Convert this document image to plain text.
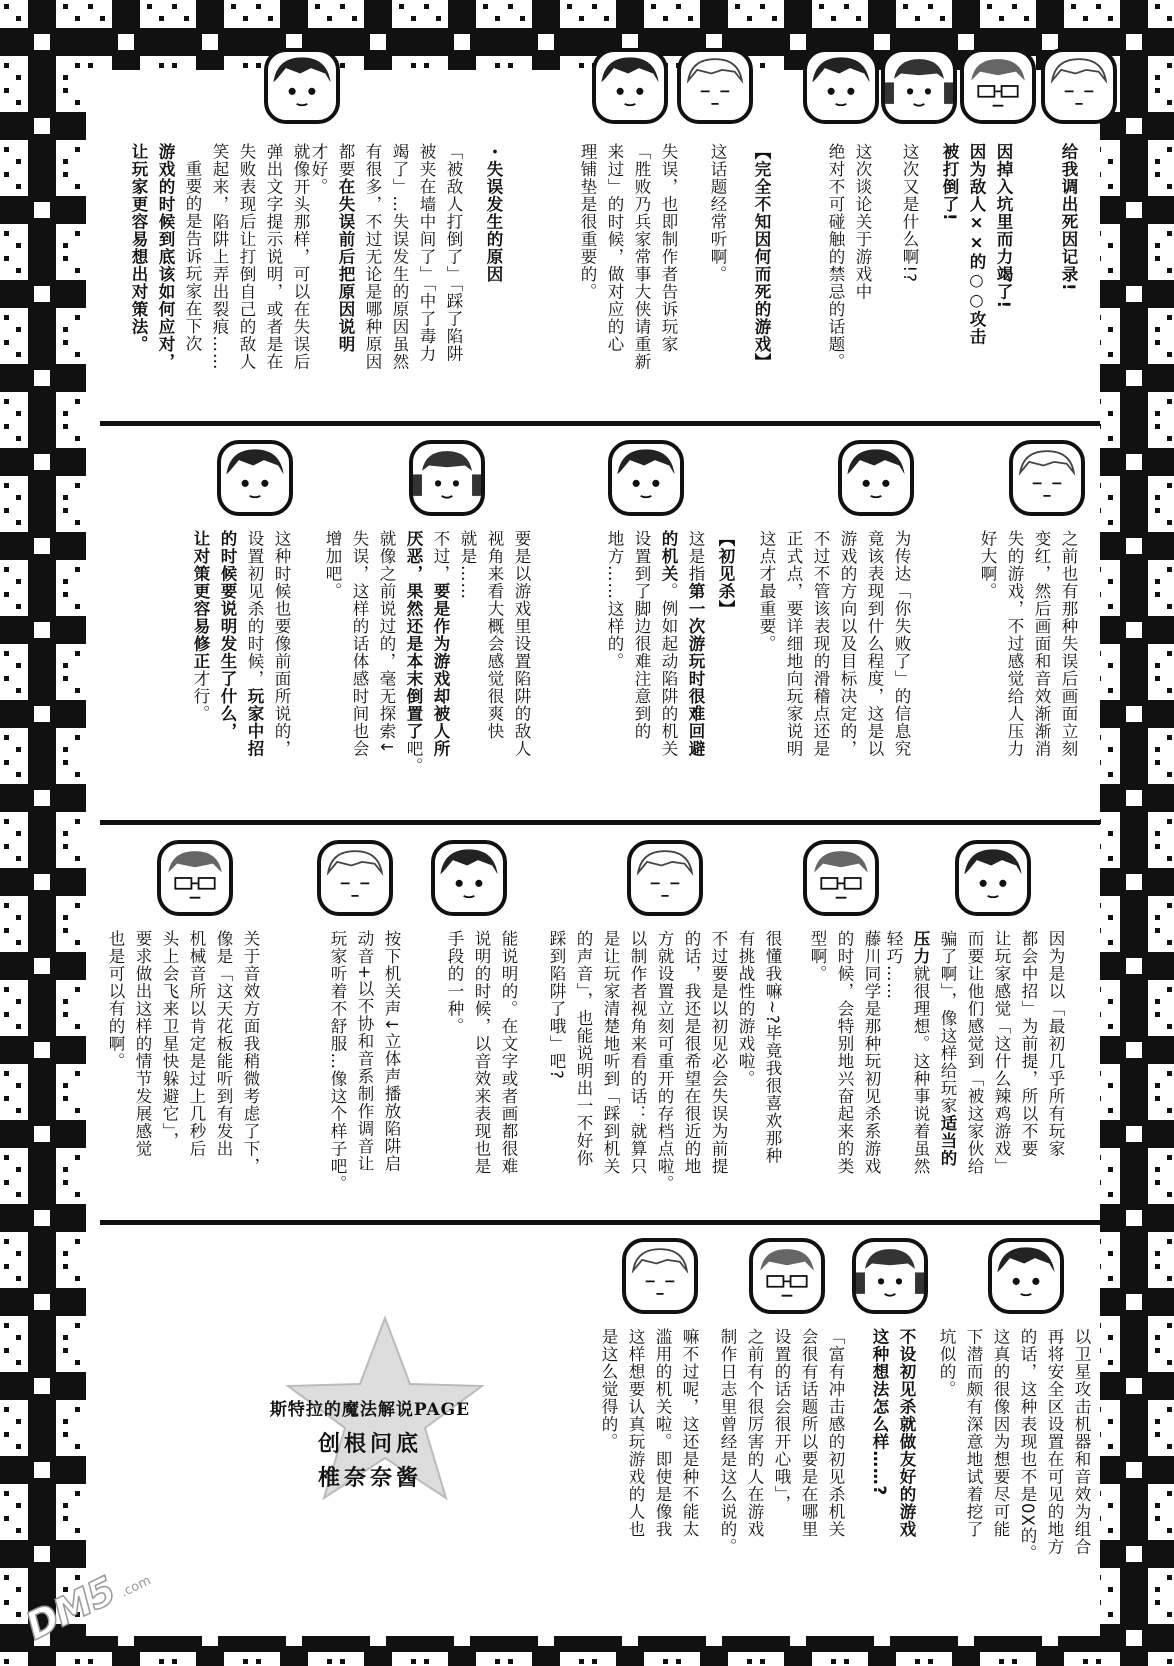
给我调出死因记录!
因掉入坑里而力竭了!
因为敌人××的○○攻击
被打倒了!
这次又是什么啊!?
这次谈论关于游戏中
绝对不可碰触的禁忌的话题。
【完全不知因何而死的游戏】
这话题经常听啊。
失误，也即制作者告诉玩家
「胜败乃兵家常事大侠请重新
来过」的时候，做对应的心
理铺垫是很重要的。
・失误发生的原因
「被敌人打倒了」「踩了陷阱
被夹在墙中间了」「中了毒力
竭了」…失误发生的原因虽然
有很多，不过无论是哪种原因
都要在失误前后把原因说明
才好。
就像开头那样，可以在失误后
弹出文字提示说明，或者是在
失败表现后让打倒自己的敌人
笑起来，陷阱上弄出裂痕……
重要的是告诉玩家在下次
游戏的时候到底该如何应对，
让玩家更容易想出对策法。
之前也有那种失误后画面立刻
变红，然后画面和音效渐渐消
失的游戏，不过感觉给人压力
好大啊。
为传达「你失败了」的信息究
竟该表现到什么程度，这是以
游戏的方向以及目标决定的，
不过不管该表现的滑稽点还是
正式点，要详细地向玩家说明
这点才最重要。
【初见杀】
这是指第一次游玩时很难回避
的机关。例如起动陷阱的机关
设置到了脚边很难注意到的
地方……这样的。
要是以游戏里设置陷阱的敌人
视角来看大概会感觉很爽快
就是……
不过，要是作为游戏却被人所
厌恶，果然还是本末倒置了吧。
就像之前说过的，毫无探索↓
失误，这样的话体感时间也会
增加吧。
这种时候也要像前面所说的，
设置初见杀的时候，玩家中招
的时候要说明发生了什么，
让对策更容易修正才行。
因为是以「最初几乎所有玩家
都会中招」为前提，所以不要
让玩家感觉「这什么辣鸡游戏」
而要让他们感觉到「被这家伙给
骗了啊」，像这样给玩家适当的
压力就很理想。这种事说着虽然
轻巧……
藤川同学是那种玩初见杀系游戏
的时候，会特别地兴奋起来的类
型啊。
很懂我嘛~?毕竟我很喜欢那种
有挑战性的游戏啦。
不过要是以初见必会失误为前提
的话，我还是很希望在很近的地
方就设置立刻可重开的存档点啦。
以制作者视角来看的话：就算只
是让玩家清楚地听到「踩到机关
的声音」，也能说明出一不好你
踩到陷阱了哦」吧?
能说明的。在文字或者画都很难
说明的时候，以音效来表现也是
手段的一种。
按下机关声↓立体声播放陷阱启
动音+以不协和音系制作调音让
玩家听着不舒服…像这个样子吧。
关于音效方面我稍微考虑了下，
像是「这天花板能听到有发出
机械音所以肯定是过上几秒后
头上会飞来卫星快躲避它」，
要求做出这样的情节发展感觉
也是可以有的啊。
以卫星攻击机器和音效为组合
再将安全区设置在可见的地方
的话，这种表现也不是0X的。
这真的很像因为想要尽可能
下潜而颇有深意地试着挖了
坑似的。
不设初见杀就做友好的游戏
这种想法怎么样……?
「富有冲击感的初见杀机关
会很有话题所以要是在哪里
设置的话会很开心哦」，
之前有个很厉害的人在游戏
制作日志里曾经是这么说的。
嘛不过呢，这还是种不能太
滥用的机关啦。即使是像我
这样想要认真玩游戏的人也
是这么觉得的。
斯特拉的魔法解说PAGE
创根问底
椎奈奈酱
DM5.com
